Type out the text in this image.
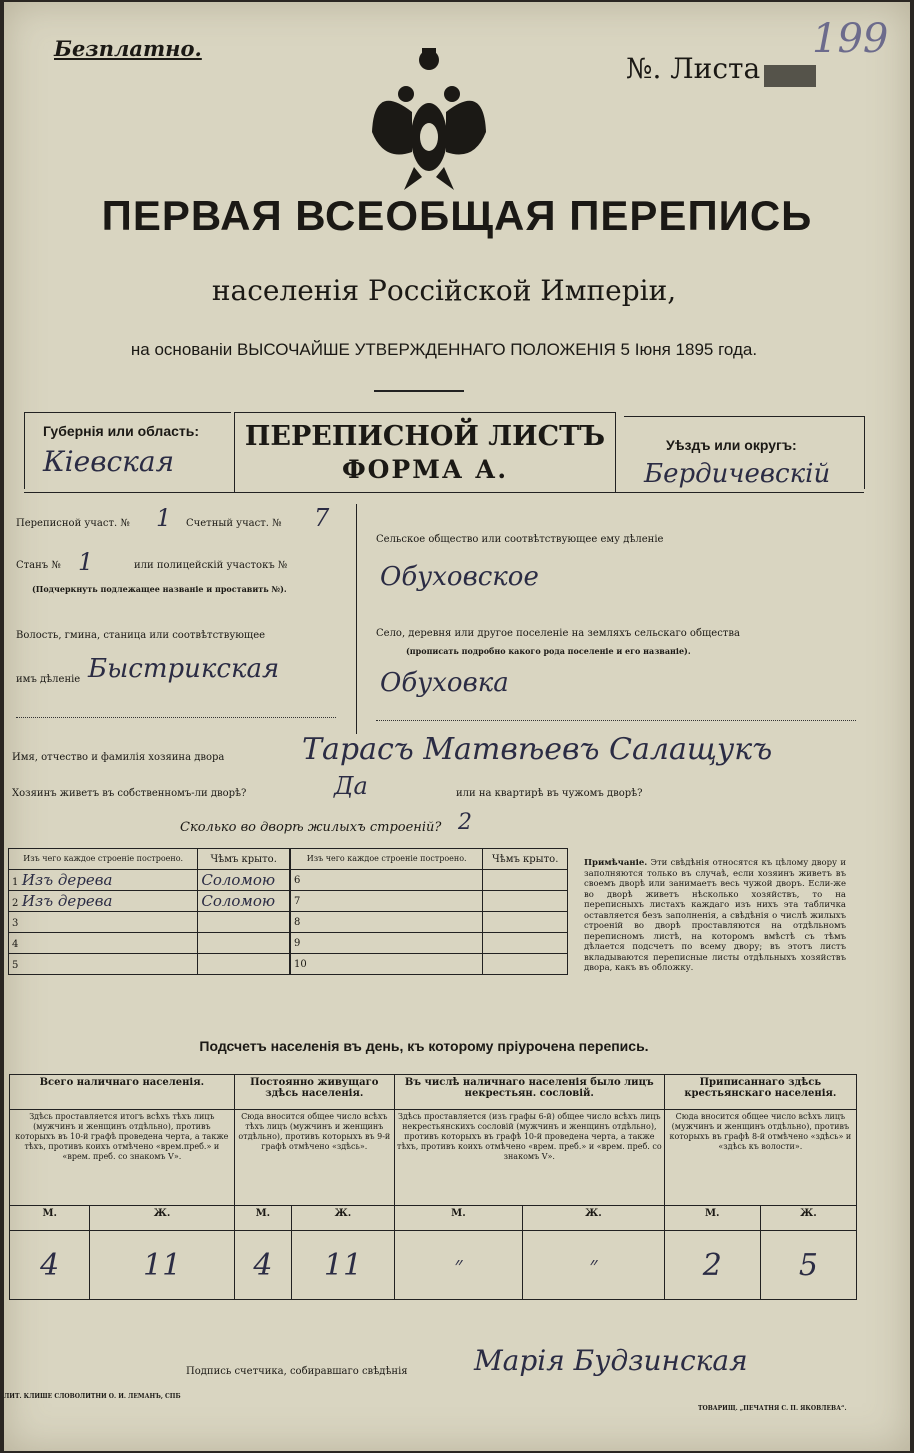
Безплатно.
№. Листа
199
ПЕРВАЯ ВСЕОБЩАЯ ПЕРЕПИСЬ
населенія Россійской Имперіи,
на основаніи ВЫСОЧАЙШЕ УТВЕРЖДЕННАГО ПОЛОЖЕНІЯ 5 Іюня 1895 года.
Губернія или область:
Кіевская
ПЕРЕПИСНОЙ ЛИСТЪ
ФОРМА А.
Уѣздъ или округъ:
Бердичевскій
Переписной участ. № 1 Счетный участ. № 7
Станъ № 1	или полицейскій участокъ №
(Подчеркнуть подлежащее названіе и проставить №).
Волость, гмина, станица или соотвѣтствующее
имъ дѣленіе Быстрикская
Сельское общество или соотвѣтствующее ему дѣленіе
Обуховское
Село, деревня или другое поселеніе на земляхъ сельскаго общества
(прописать подробно какого рода поселеніе и его названіе).
Обуховка
Имя, отчество и фамилія хозяина двора	Тарасъ Матвѣевъ Салащукъ
Хозяинъ живетъ въ собственномъ-ли дворѣ?	Да	или на квартирѣ въ чужомъ дворѣ?
Сколько во дворѣ жилыхъ строеній? 2
Изъ чего каждое строеніе построено.	Чѣмъ крыто.
1 Изъ дерева	Соломою
2 Изъ дерева	Соломою
3	
4	
5	
Изъ чего каждое строеніе построено.	Чѣмъ крыто.
6	
7	
8	
9	
10	
Примѣчаніе. Эти свѣдѣнія относятся къ цѣлому двору и заполняются только въ случаѣ, если хозяинъ живетъ въ своемъ дворѣ или занимаетъ весь чужой дворъ. Если-же во дворѣ живетъ нѣсколько хозяйствъ, то на переписныхъ листахъ каждаго изъ нихъ эта табличка оставляется безъ заполненія, а свѣдѣнія о числѣ жилыхъ строеній во дворѣ проставляются на отдѣльномъ переписномъ листѣ, на которомъ вмѣстѣ съ тѣмъ дѣлается подсчетъ по всему двору; въ этотъ листъ вкладываются переписные листы отдѣльныхъ хозяйствъ двора, какъ въ обложку.
Подсчетъ населенія въ день, къ которому пріурочена перепись.
Всего наличнаго населенія.		Постоянно живущаго здѣсь населенія.		Въ числѣ наличнаго населенія было лицъ некрестьян. сословій.		Приписаннаго здѣсь крестьянскаго населенія.	
Здѣсь проставляется итогъ всѣхъ тѣхъ лицъ (мужчинъ и женщинъ отдѣльно), противъ которыхъ въ 10-й графѣ проведена черта, а также тѣхъ, противъ коихъ отмѣчено «врем.преб.» и «врем. преб. со знакомъ V».		Сюда вносится общее число всѣхъ тѣхъ лицъ (мужчинъ и женщинъ отдѣльно), противъ которыхъ въ 9-й графѣ отмѣчено «здѣсь».		Здѣсь проставляется (изъ графы 6-й) общее число всѣхъ лицъ некрестьянскихъ сословій (мужчинъ и женщинъ отдѣльно), противъ которыхъ въ графѣ 10-й проведена черта, а также тѣхъ, противъ коихъ отмѣчено «врем. преб.» и «врем. преб. со знакомъ V».		Сюда вносится общее число всѣхъ лицъ (мужчинъ и женщинъ отдѣльно), противъ которыхъ въ графѣ 8-й отмѣчено «здѣсь» и «здѣсь къ волости».	
М.	Ж.	М.	Ж.	М.	Ж.	М.	Ж.
4	11	4	11	״	״	2	5
Подпись счетчика, собиравшаго свѣдѣнія Марія Будзинская
ЛИТ. КЛИШЕ СЛОВОЛИТНИ О. И. ЛЕМАНЪ, СПБ
ТОВАРИЩ. „ПЕЧАТНЯ С. П. ЯКОВЛЕВА“.
